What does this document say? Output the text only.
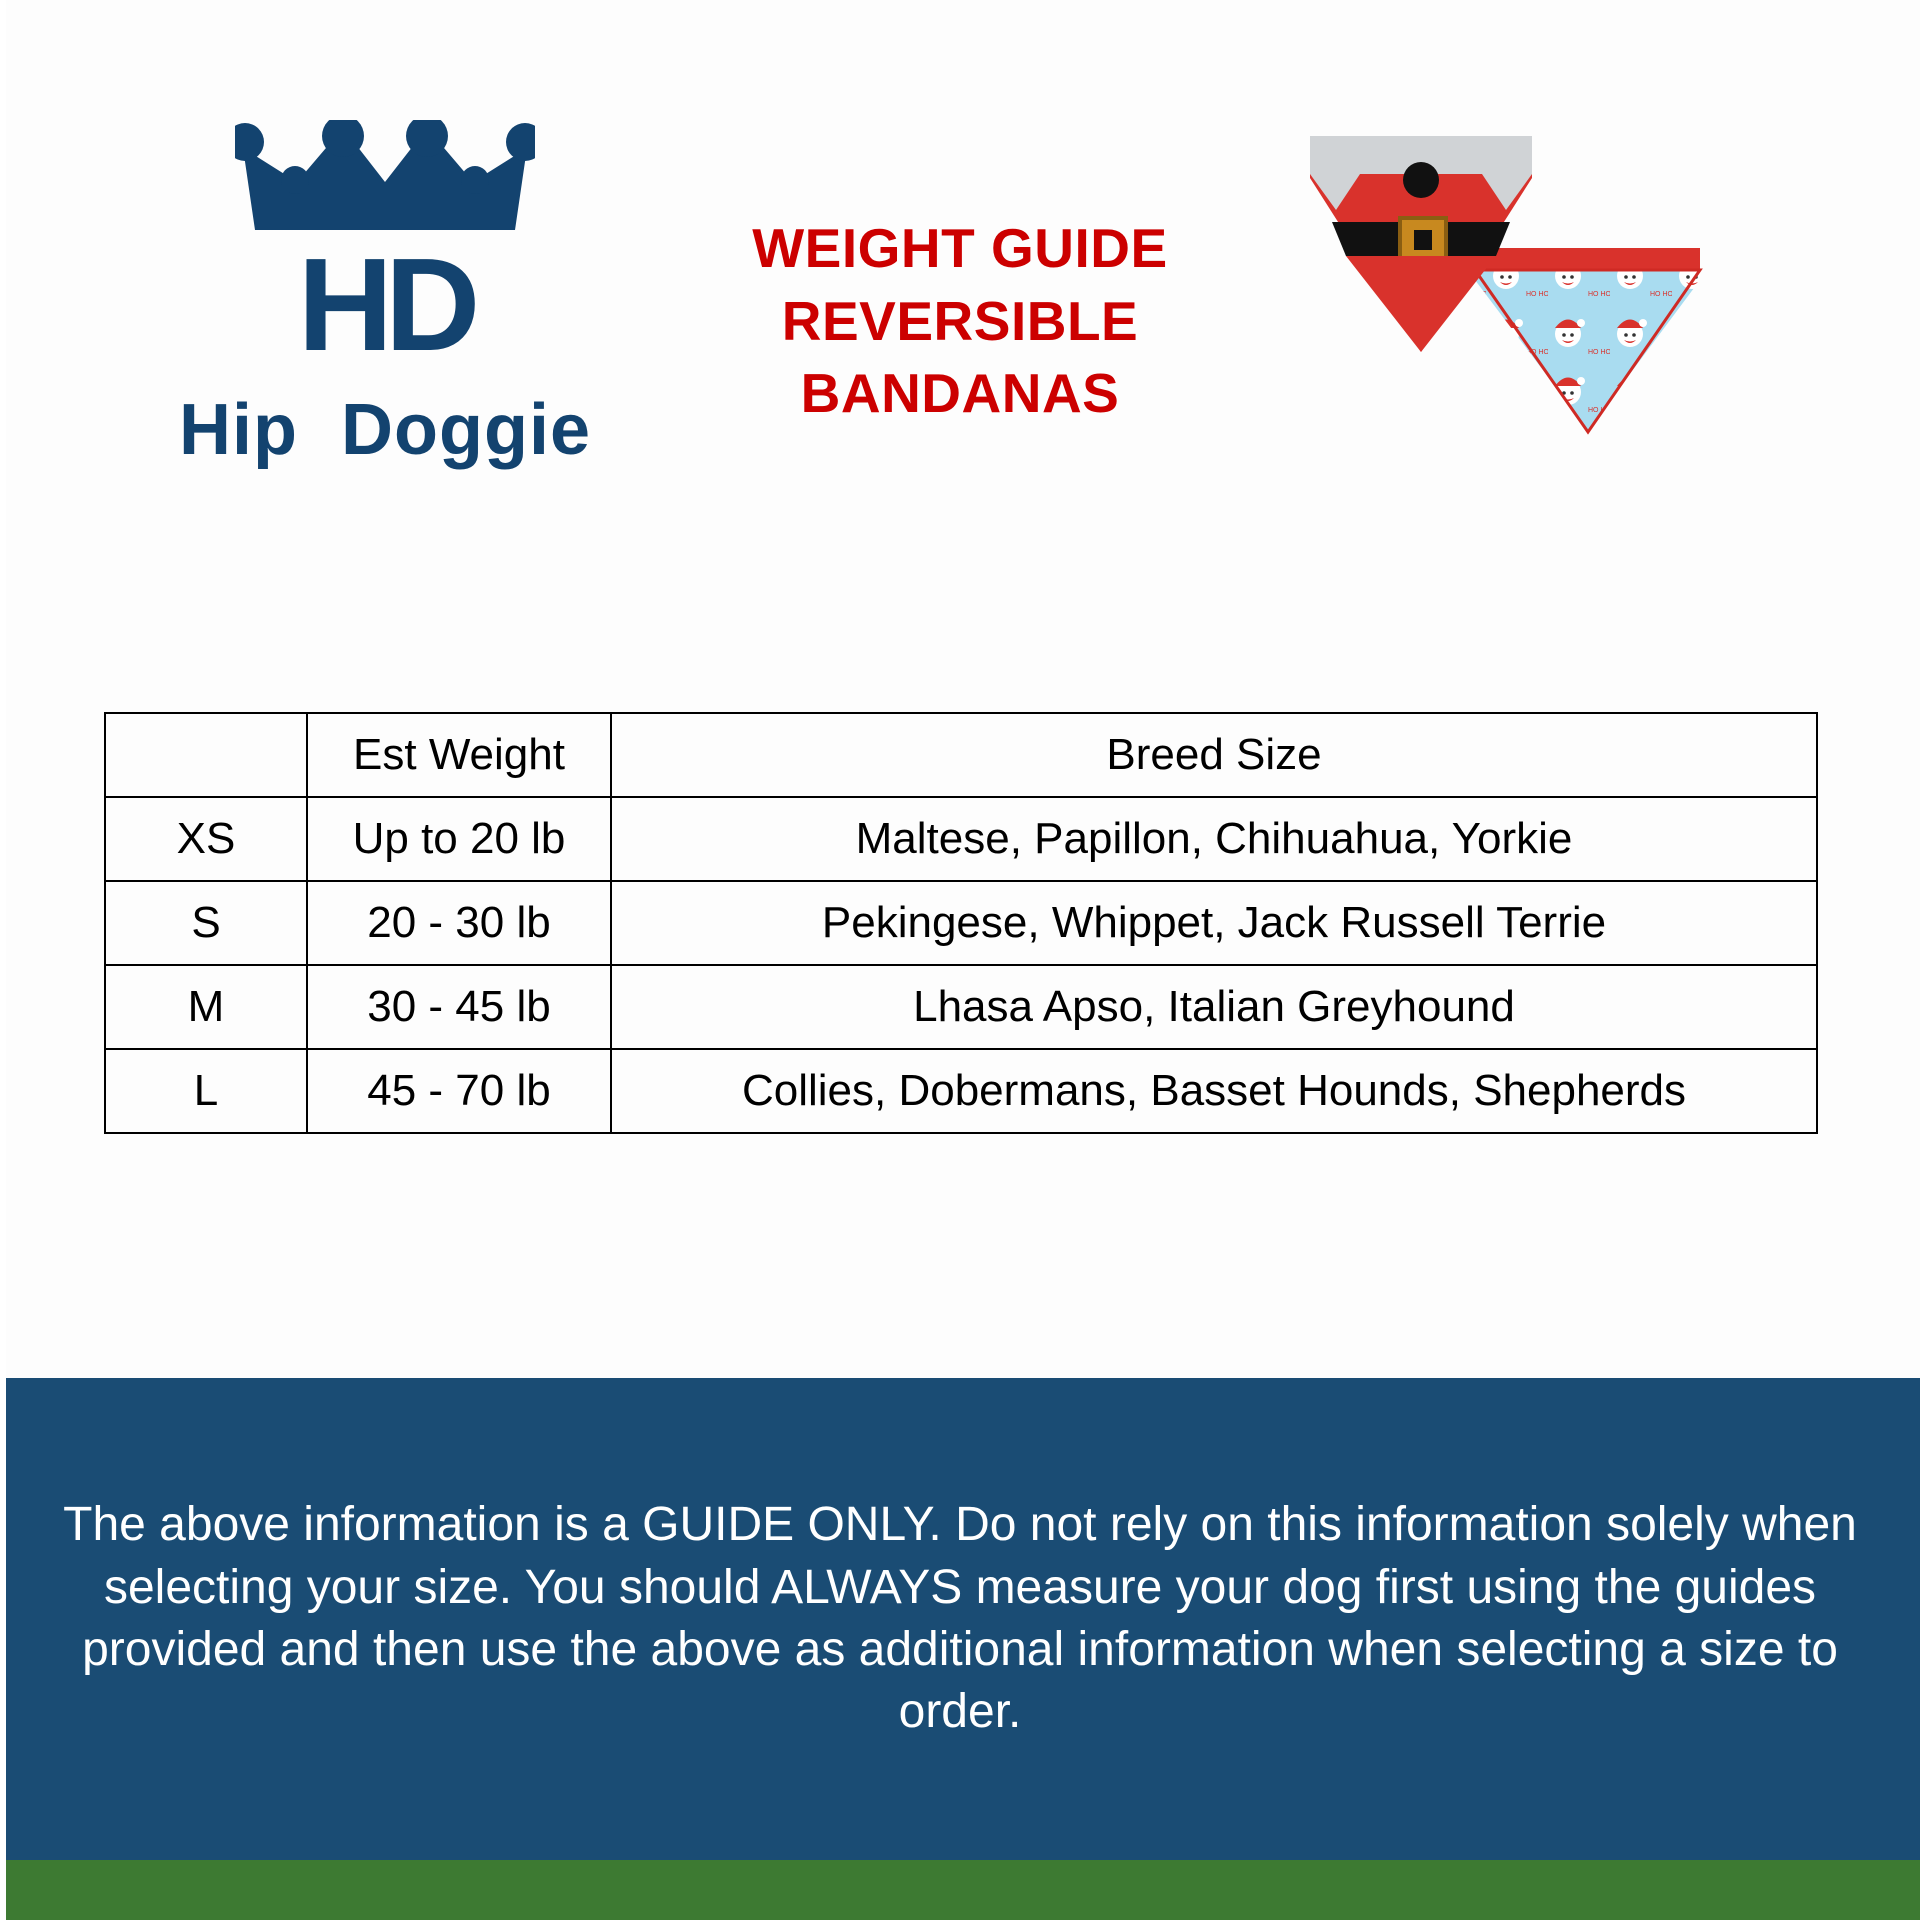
HD
Hip Doggie
WEIGHT GUIDE
REVERSIBLE
BANDANAS
	Est Weight	Breed Size
XS	Up to 20 lb	Maltese, Papillon, Chihuahua, Yorkie
S	20 - 30 lb	Pekingese, Whippet, Jack Russell Terrie
M	30 - 45 lb	Lhasa Apso, Italian Greyhound
L	45 - 70 lb	Collies, Dobermans, Basset Hounds, Shepherds

The above information is a GUIDE ONLY. Do not rely on this information solely when selecting your size. You should ALWAYS measure your dog first using the guides provided and then use the above as additional information when selecting a size to order.
